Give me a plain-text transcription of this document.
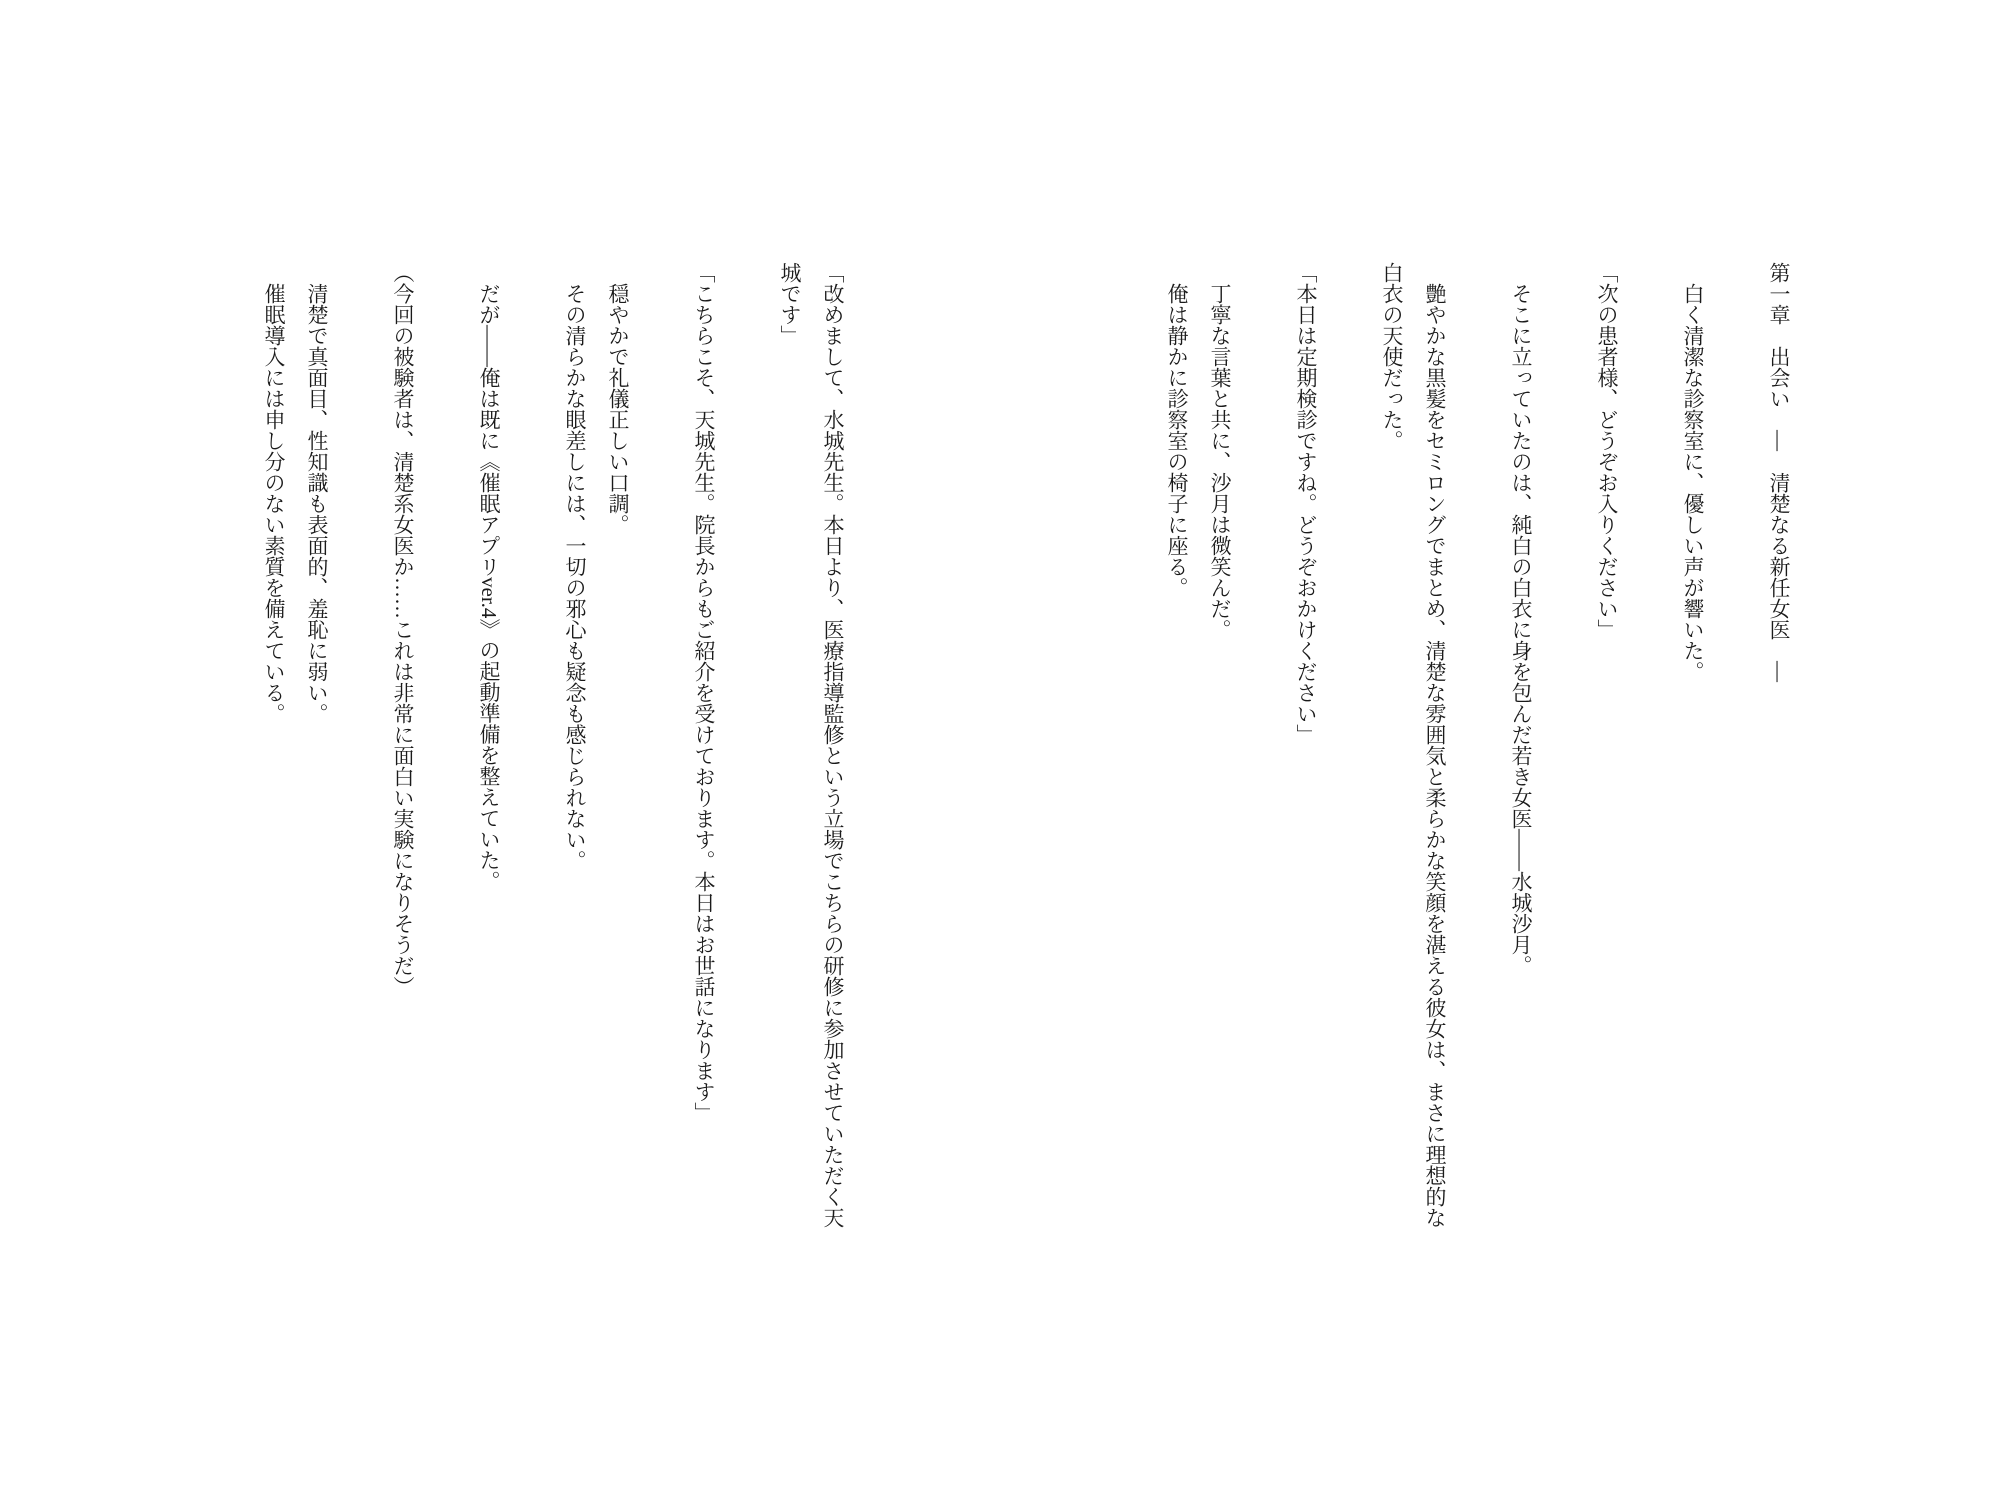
第一章　出会い　―　清楚なる新任女医　―

白く清潔な診察室に、優しい声が響いた。

「次の患者様、どうぞお入りください」

そこに立っていたのは、純白の白衣に身を包んだ若き女医――水城沙月。

艶やかな黒髪をセミロングでまとめ、清楚な雰囲気と柔らかな笑顔を湛える彼女は、まさに理想的な白衣の天使だった。

「本日は定期検診ですね。どうぞおかけください」

丁寧な言葉と共に、沙月は微笑んだ。

俺は静かに診察室の椅子に座る。

「改めまして、水城先生。本日より、医療指導監修という立場でこちらの研修に参加させていただく天城です」

「こちらこそ、天城先生。院長からもご紹介を受けております。本日はお世話になります」

穏やかで礼儀正しい口調。

その清らかな眼差しには、一切の邪心も疑念も感じられない。

だが――俺は既に《催眠アプリver.4》の起動準備を整えていた。

（今回の被験者は、清楚系女医か……これは非常に面白い実験になりそうだ）

清楚で真面目、性知識も表面的、羞恥に弱い。

催眠導入には申し分のない素質を備えている。
